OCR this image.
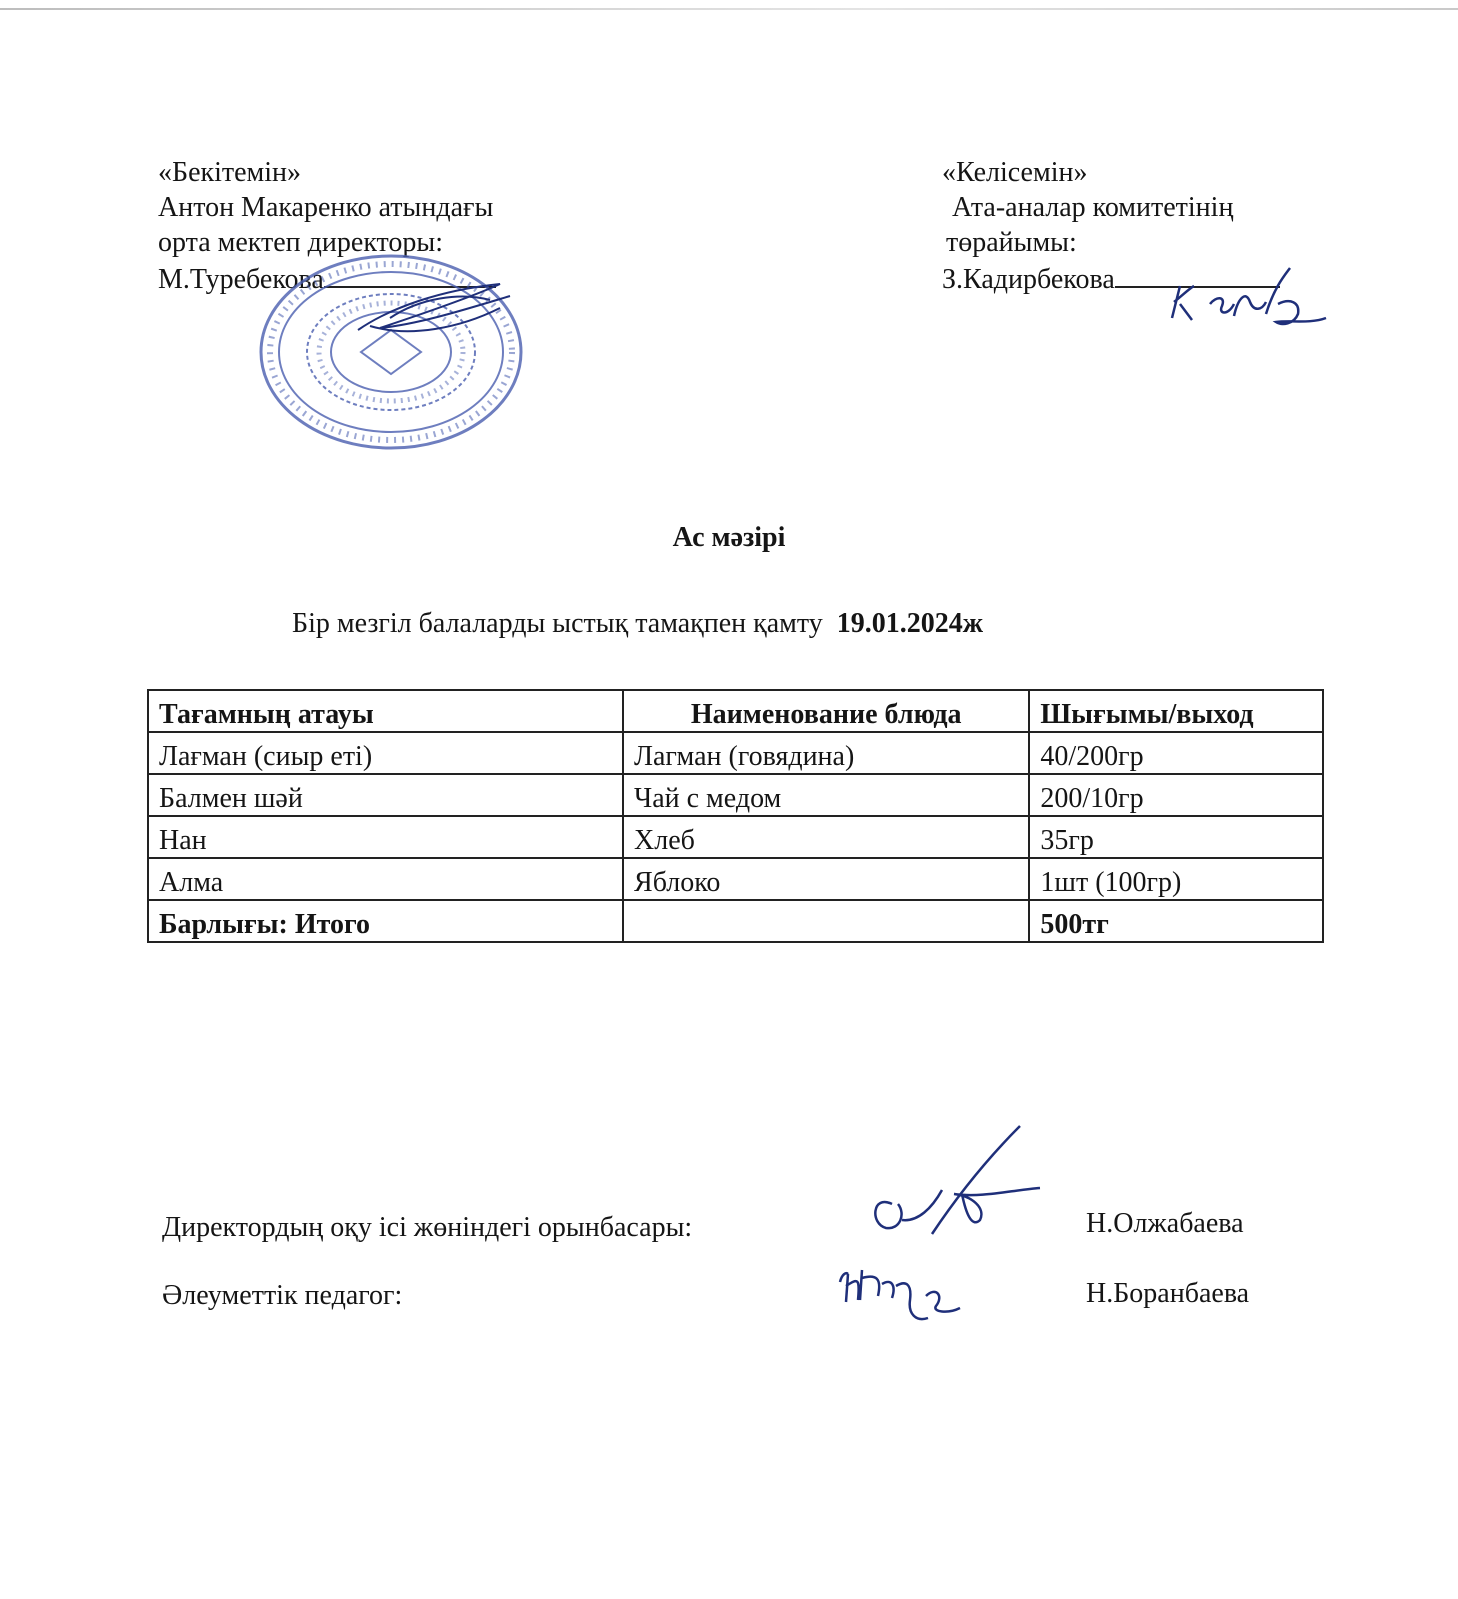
«Бекітемін»
Антон Макаренко атындағы
орта мектеп директоры:
М.Туребекова
«Келісемін»
Ата-аналар комитетінің
төрайымы:
З.Кадирбекова
Ас мәзірі
Бір мезгіл балаларды ыстық тамақпен қамту 19.01.2024ж
Тағамның атауы	Наименование блюда	Шығымы/выход
Лағман (сиыр еті)	Лагман (говядина)	40/200гр
Балмен шәй	Чай с медом	200/10гр
Нан	Хлеб	35гр
Алма	Яблоко	1шт (100гр)
Барлығы: Итого		500тг
Директордың оқу ісі жөніндегі орынбасары:	Н.Олжабаева
Әлеуметтік педагог:	Н.Боранбаева
